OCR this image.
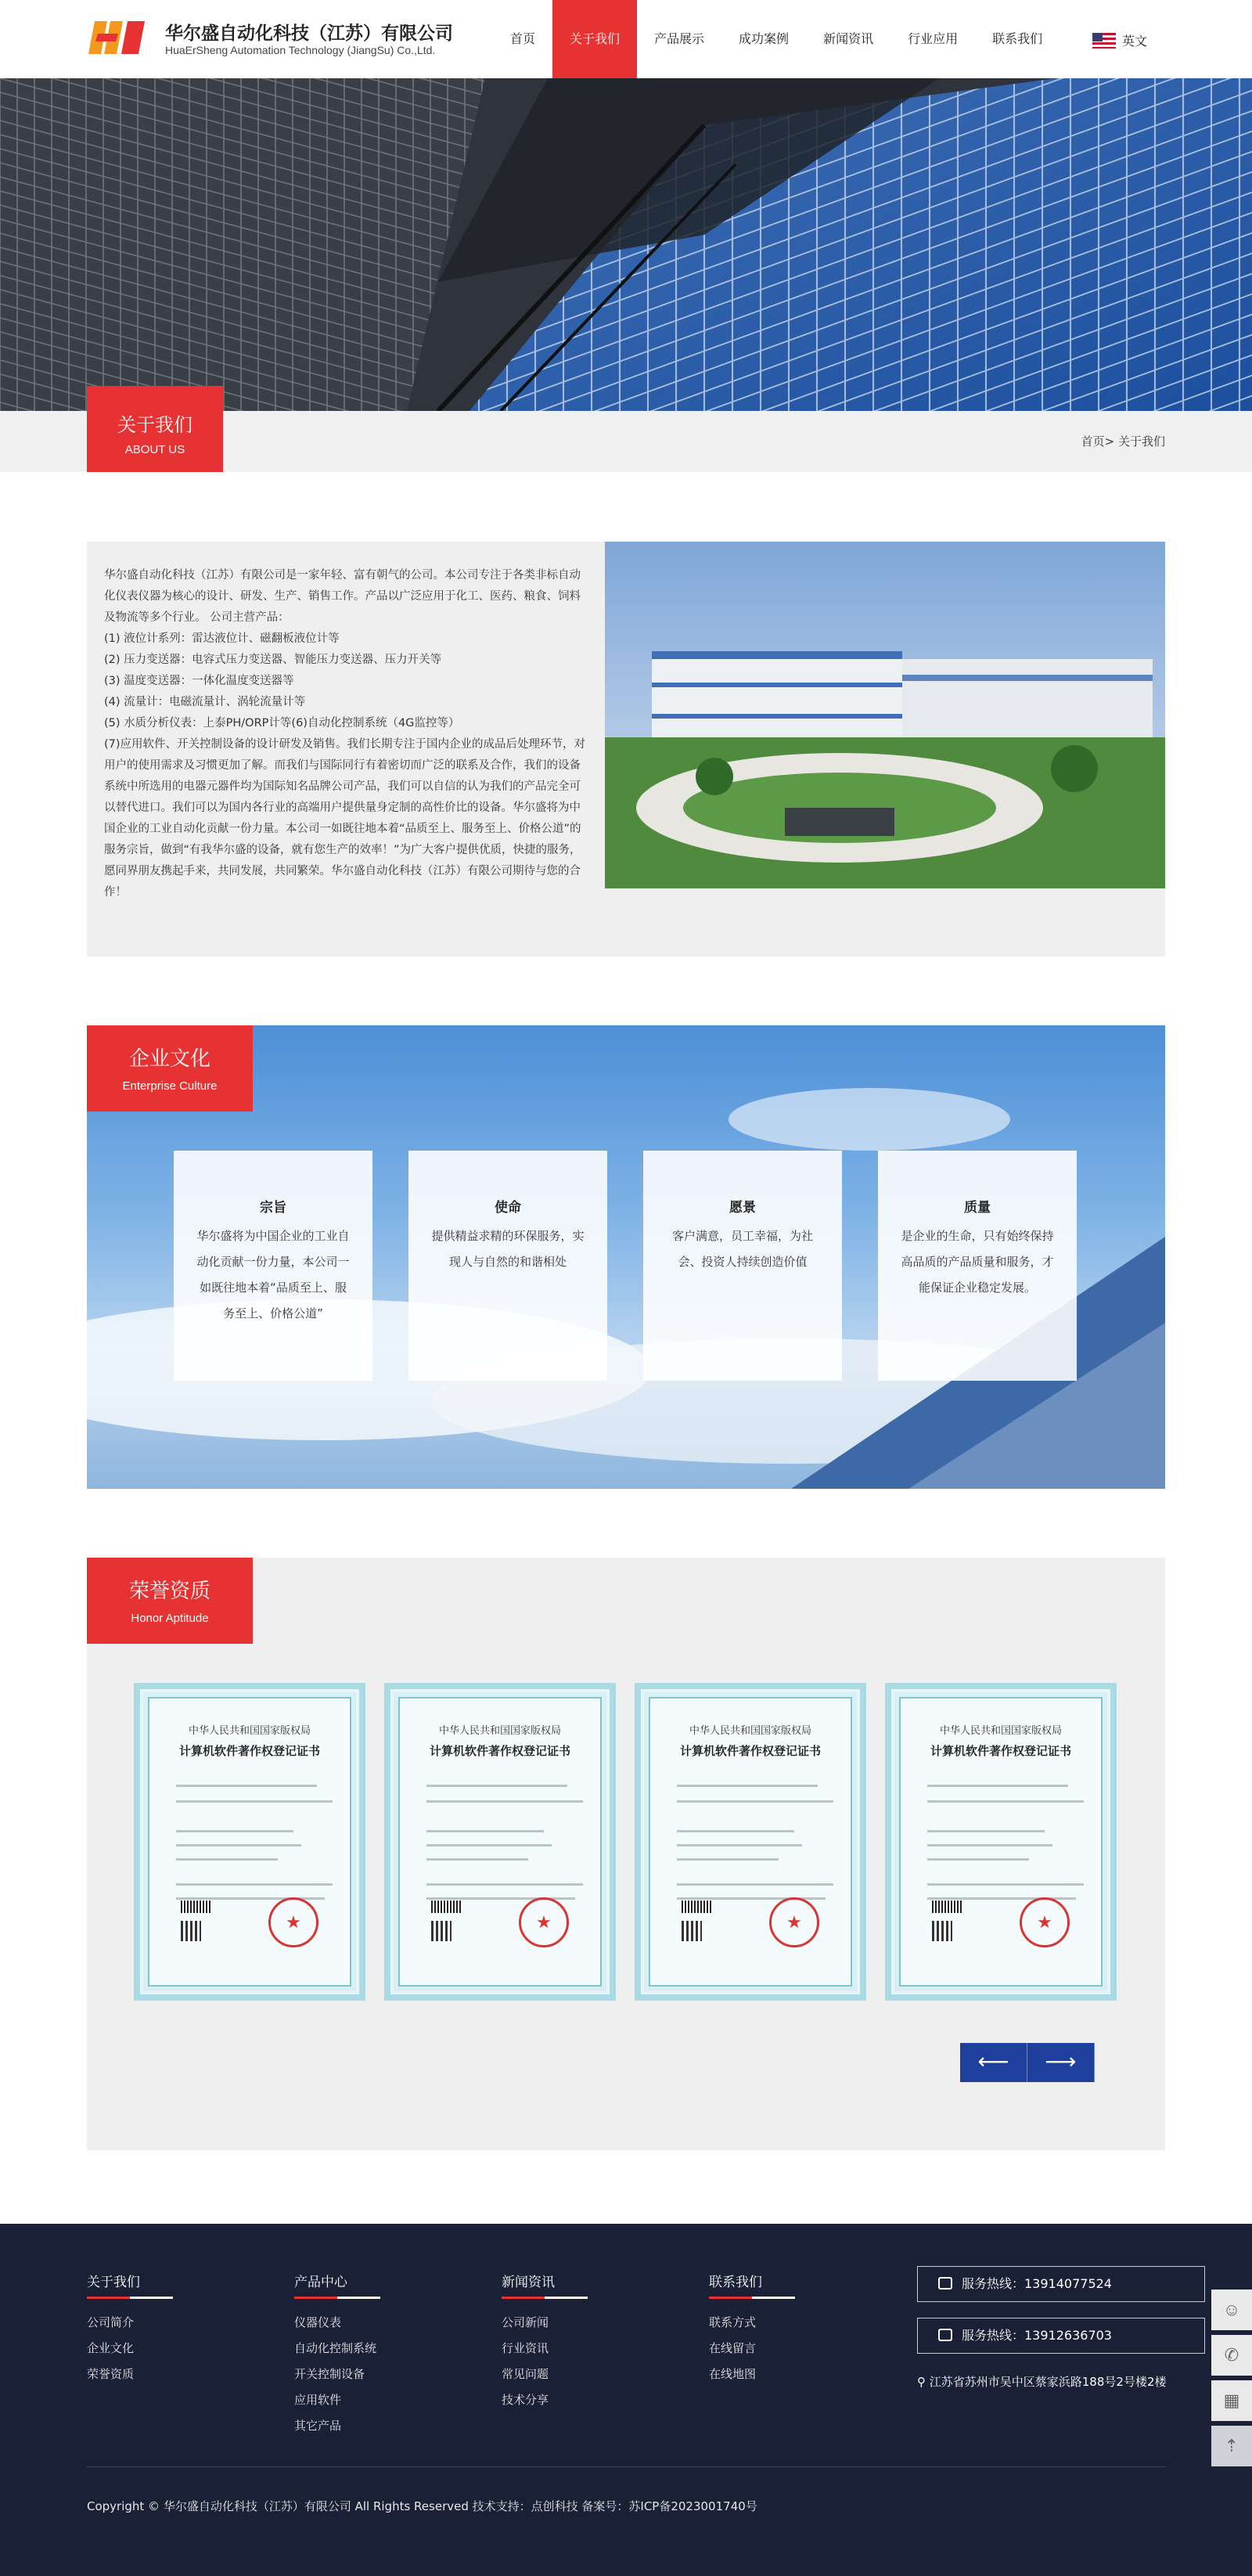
华尔盛自动化科技（江苏）有限公司
HuaErSheng Automation Technology (JiangSu) Co.,Ltd.
首页	关于我们	产品展示	成功案例	新闻资讯	行业应用	联系我们	英文
关于我们
ABOUT US
首页> 关于我们

华尔盛自动化科技（江苏）有限公司是一家年轻、富有朝气的公司。本公司专注于各类非标自动化仪表仪器为核心的设计、研发、生产、销售工作。产品以广泛应用于化工、医药、粮食、饲料及物流等多个行业。 公司主营产品：

(1) 液位计系列：雷达液位计、磁翻板液位计等

(2) 压力变送器：电容式压力变送器、智能压力变送器、压力开关等

(3) 温度变送器：一体化温度变送器等

(4) 流量计：电磁流量计、涡轮流量计等

(5) 水质分析仪表：上泰PH/ORP计等(6)自动化控制系统（4G监控等）

(7)应用软件、开关控制设备的设计研发及销售。我们长期专注于国内企业的成品后处理环节，对用户的使用需求及习惯更加了解。而我们与国际同行有着密切而广泛的联系及合作，我们的设备系统中所选用的电器元器件均为国际知名品牌公司产品，我们可以自信的认为我们的产品完全可以替代进口。我们可以为国内各行业的高端用户提供量身定制的高性价比的设备。华尔盛将为中国企业的工业自动化贡献一份力量。本公司一如既往地本着“品质至上、服务至上、价格公道”的服务宗旨，做到“有我华尔盛的设备，就有您生产的效率！”为广大客户提供优质，快捷的服务，愿同界朋友携起手来，共同发展，共同繁荣。华尔盛自动化科技（江苏）有限公司期待与您的合作！

企业文化
Enterprise Culture
宗旨

华尔盛将为中国企业的工业自动化贡献一份力量，本公司一如既往地本着“品质至上、服务至上、价格公道”

使命

提供精益求精的环保服务，实现人与自然的和谐相处

愿景

客户满意，员工幸福，为社会、投资人持续创造价值

质量

是企业的生命，只有始终保持高品质的产品质量和服务，才能保证企业稳定发展。

荣誉资质
Honor Aptitude
中华人民共和国国家版权局
计算机软件著作权登记证书
★
中华人民共和国国家版权局
计算机软件著作权登记证书
★
中华人民共和国国家版权局
计算机软件著作权登记证书
★
中华人民共和国国家版权局
计算机软件著作权登记证书
★
⟵	⟶
关于我们
公司简介
企业文化
荣誉资质
产品中心
仪器仪表
自动化控制系统
开关控制设备
应用软件
其它产品
新闻资讯
公司新闻
行业资讯
常见问题
技术分享
联系我们
联系方式
在线留言
在线地图
服务热线：13914077524
服务热线：13912636703
⚲ 江苏省苏州市吴中区蔡家浜路188号2号楼2楼
Copyright © 华尔盛自动化科技（江苏）有限公司 All Rights Reserved 技术支持：点创科技 备案号：苏ICP备2023001740号
☺
✆
▦
⇡
